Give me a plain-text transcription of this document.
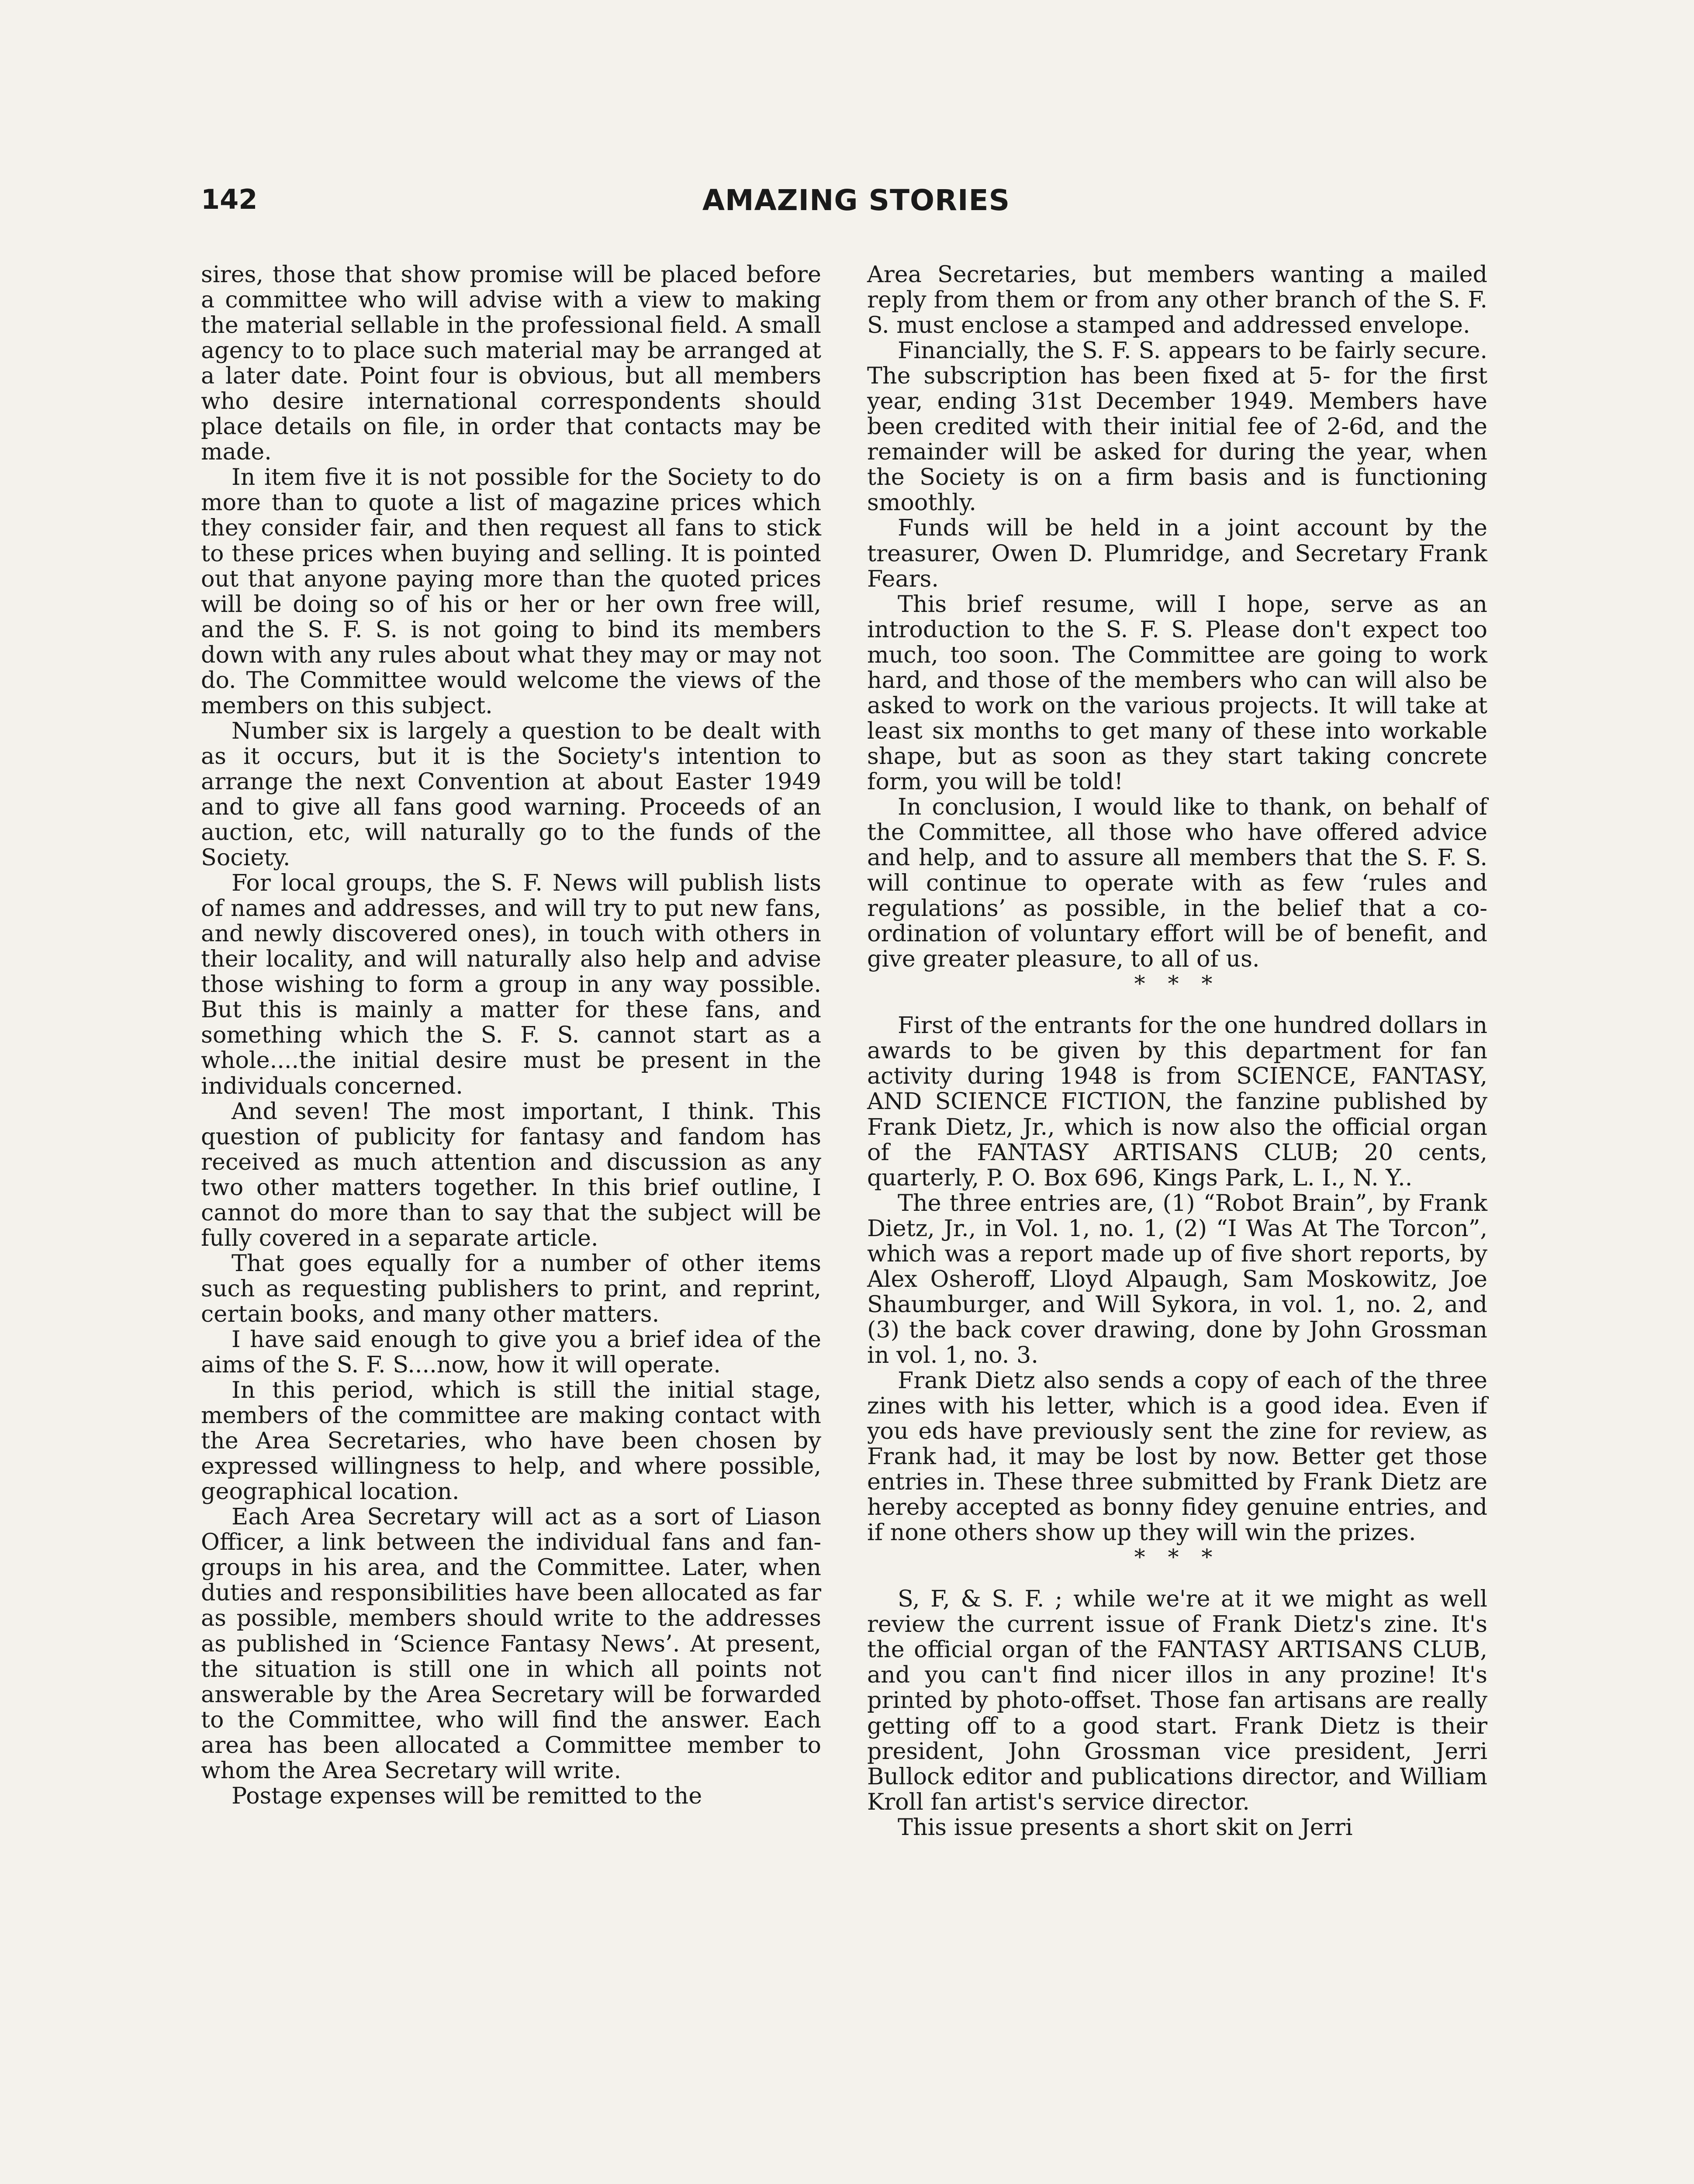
142	AMAZING STORIES

sires, those that show promise will be placed before a committee who will advise with a view to making the material sellable in the professional field. A small agency to to place such material may be arranged at a later date. Point four is obvious, but all members who desire international correspondents should place details on file, in order that contacts may be made.

In item five it is not possible for the Society to do more than to quote a list of magazine prices which they consider fair, and then request all fans to stick to these prices when buying and selling. It is pointed out that anyone paying more than the quoted prices will be doing so of his or her or her own free will, and the S. F. S. is not going to bind its members down with any rules about what they may or may not do. The Committee would welcome the views of the members on this subject.

Number six is largely a question to be dealt with as it occurs, but it is the Society's intention to arrange the next Convention at about Easter 1949 and to give all fans good warning. Proceeds of an auction, etc, will naturally go to the funds of the Society.

For local groups, the S. F. News will publish lists of names and addresses, and will try to put new fans, and newly discovered ones), in touch with others in their locality, and will naturally also help and advise those wishing to form a group in any way possible. But this is mainly a matter for these fans, and something which the S. F. S. cannot start as a whole....the initial desire must be present in the individuals concerned.

And seven! The most important, I think. This question of publicity for fantasy and fandom has received as much attention and discussion as any two other matters together. In this brief outline, I cannot do more than to say that the subject will be fully covered in a separate article.

That goes equally for a number of other items such as requesting publishers to print, and reprint, certain books, and many other matters.

I have said enough to give you a brief idea of the aims of the S. F. S....now, how it will operate.

In this period, which is still the initial stage, members of the committee are making contact with the Area Secretaries, who have been chosen by expressed willingness to help, and where possible, geographical location.

Each Area Secretary will act as a sort of Liason Officer, a link between the individual fans and fan-groups in his area, and the Committee. Later, when duties and responsibilities have been allocated as far as possible, members should write to the addresses as published in ‘Science Fantasy News’. At present, the situation is still one in which all points not answerable by the Area Secretary will be forwarded to the Committee, who will find the answer. Each area has been allocated a Committee member to whom the Area Secretary will write.

Postage expenses will be remitted to the

Area Secretaries, but members wanting a mailed reply from them or from any other branch of the S. F. S. must enclose a stamped and addressed envelope.

Financially, the S. F. S. appears to be fairly secure. The subscription has been fixed at 5- for the first year, ending 31st December 1949. Members have been credited with their initial fee of 2-6d, and the remainder will be asked for during the year, when the Society is on a firm basis and is functioning smoothly.

Funds will be held in a joint account by the treasurer, Owen D. Plumridge, and Secretary Frank Fears.

This brief resume, will I hope, serve as an introduction to the S. F. S. Please don't expect too much, too soon. The Committee are going to work hard, and those of the members who can will also be asked to work on the various projects. It will take at least six months to get many of these into workable shape, but as soon as they start taking concrete form, you will be told!

In conclusion, I would like to thank, on behalf of the Committee, all those who have offered advice and help, and to assure all members that the S. F. S. will continue to operate with as few ‘rules and regulations’ as possible, in the belief that a co-ordination of voluntary effort will be of benefit, and give greater pleasure, to all of us.

* * *

First of the entrants for the one hundred dollars in awards to be given by this department for fan activity during 1948 is from SCIENCE, FANTASY, AND SCIENCE FICTION, the fanzine published by Frank Dietz, Jr., which is now also the official organ of the FANTASY ARTISANS CLUB; 20 cents, quarterly, P. O. Box 696, Kings Park, L. I., N. Y..

The three entries are, (1) “Robot Brain”, by Frank Dietz, Jr., in Vol. 1, no. 1, (2) “I Was At The Torcon”, which was a report made up of five short reports, by Alex Osheroff, Lloyd Alpaugh, Sam Moskowitz, Joe Shaumburger, and Will Sykora, in vol. 1, no. 2, and (3) the back cover drawing, done by John Grossman in vol. 1, no. 3.

Frank Dietz also sends a copy of each of the three zines with his letter, which is a good idea. Even if you eds have previously sent the zine for review, as Frank had, it may be lost by now. Better get those entries in. These three submitted by Frank Dietz are hereby accepted as bonny fidey genuine entries, and if none others show up they will win the prizes.

* * *

S, F, & S. F. ; while we're at it we might as well review the current issue of Frank Dietz's zine. It's the official organ of the FANTASY ARTISANS CLUB, and you can't find nicer illos in any prozine! It's printed by photo-offset. Those fan artisans are really getting off to a good start. Frank Dietz is their president, John Grossman vice president, Jerri Bullock editor and publications director, and William Kroll fan artist's service director.

This issue presents a short skit on Jerri
